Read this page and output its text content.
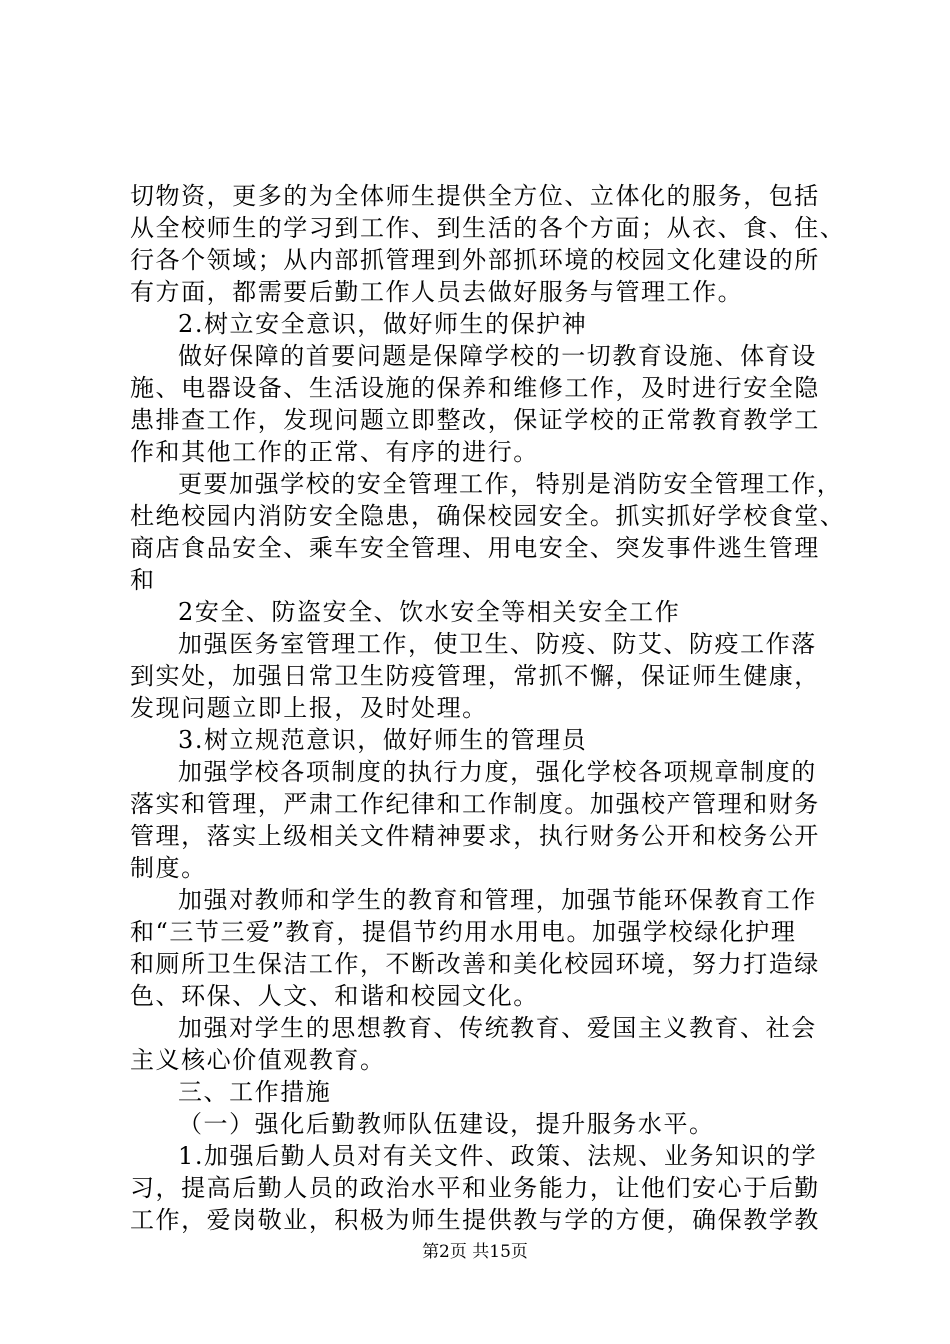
切物资，更多的为全体师生提供全方位、立体化的服务，包括
从全校师生的学习到工作、到生活的各个方面；从衣、食、住、
行各个领域；从内部抓管理到外部抓环境的校园文化建设的所
有方面，都需要后勤工作人员去做好服务与管理工作。
2.树立安全意识，做好师生的保护神
做好保障的首要问题是保障学校的一切教育设施、体育设
施、电器设备、生活设施的保养和维修工作，及时进行安全隐
患排查工作，发现问题立即整改，保证学校的正常教育教学工
作和其他工作的正常、有序的进行。
更要加强学校的安全管理工作，特别是消防安全管理工作，
杜绝校园内消防安全隐患，确保校园安全。抓实抓好学校食堂、
商店食品安全、乘车安全管理、用电安全、突发事件逃生管理
和
2安全、防盗安全、饮水安全等相关安全工作
加强医务室管理工作，使卫生、防疫、防艾、防疫工作落
到实处，加强日常卫生防疫管理，常抓不懈，保证师生健康，
发现问题立即上报，及时处理。
3.树立规范意识，做好师生的管理员
加强学校各项制度的执行力度，强化学校各项规章制度的
落实和管理，严肃工作纪律和工作制度。加强校产管理和财务
管理，落实上级相关文件精神要求，执行财务公开和校务公开
制度。
加强对教师和学生的教育和管理，加强节能环保教育工作
和“三节三爱”教育，提倡节约用水用电。加强学校绿化护理
和厕所卫生保洁工作，不断改善和美化校园环境，努力打造绿
色、环保、人文、和谐和校园文化。
加强对学生的思想教育、传统教育、爱国主义教育、社会
主义核心价值观教育。
三、工作措施
（一）强化后勤教师队伍建设，提升服务水平。
1.加强后勤人员对有关文件、政策、法规、业务知识的学
习，提高后勤人员的政治水平和业务能力，让他们安心于后勤
工作，爱岗敬业，积极为师生提供教与学的方便，确保教学教
第2页 共15页
